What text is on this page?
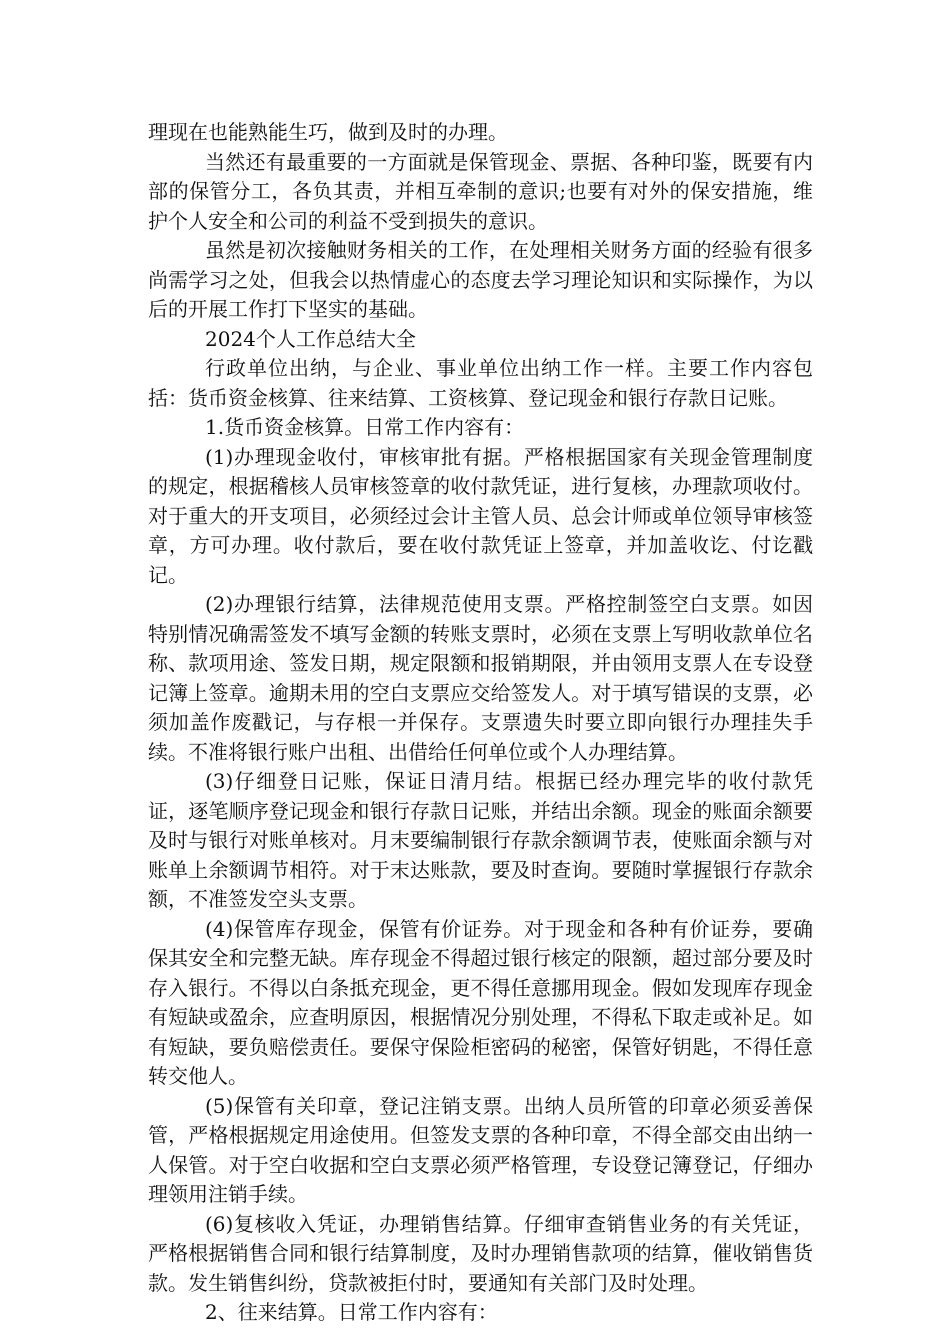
理现在也能熟能生巧，做到及时的办理。

当然还有最重要的一方面就是保管现金、票据、各种印鉴，既要有内部的保管分工，各负其责，并相互牵制的意识;也要有对外的保安措施，维护个人安全和公司的利益不受到损失的意识。

虽然是初次接触财务相关的工作，在处理相关财务方面的经验有很多尚需学习之处，但我会以热情虚心的态度去学习理论知识和实际操作，为以后的开展工作打下坚实的基础。

2024个人工作总结大全

行政单位出纳，与企业、事业单位出纳工作一样。主要工作内容包括：货币资金核算、往来结算、工资核算、登记现金和银行存款日记账。

1.货币资金核算。日常工作内容有：

(1)办理现金收付，审核审批有据。严格根据国家有关现金管理制度的规定，根据稽核人员审核签章的收付款凭证，进行复核，办理款项收付。对于重大的开支项目，必须经过会计主管人员、总会计师或单位领导审核签章，方可办理。收付款后，要在收付款凭证上签章，并加盖收讫、付讫戳记。

(2)办理银行结算，法律规范使用支票。严格控制签空白支票。如因特别情况确需签发不填写金额的转账支票时，必须在支票上写明收款单位名称、款项用途、签发日期，规定限额和报销期限，并由领用支票人在专设登记簿上签章。逾期未用的空白支票应交给签发人。对于填写错误的支票，必须加盖作废戳记，与存根一并保存。支票遗失时要立即向银行办理挂失手续。不准将银行账户出租、出借给任何单位或个人办理结算。

(3)仔细登日记账，保证日清月结。根据已经办理完毕的收付款凭证，逐笔顺序登记现金和银行存款日记账，并结出余额。现金的账面余额要及时与银行对账单核对。月末要编制银行存款余额调节表，使账面余额与对账单上余额调节相符。对于末达账款，要及时查询。要随时掌握银行存款余额，不准签发空头支票。

(4)保管库存现金，保管有价证券。对于现金和各种有价证券，要确保其安全和完整无缺。库存现金不得超过银行核定的限额，超过部分要及时存入银行。不得以白条抵充现金，更不得任意挪用现金。假如发现库存现金有短缺或盈余，应查明原因，根据情况分别处理，不得私下取走或补足。如有短缺，要负赔偿责任。要保守保险柜密码的秘密，保管好钥匙，不得任意转交他人。

(5)保管有关印章，登记注销支票。出纳人员所管的印章必须妥善保管，严格根据规定用途使用。但签发支票的各种印章，不得全部交由出纳一人保管。对于空白收据和空白支票必须严格管理，专设登记簿登记，仔细办理领用注销手续。

(6)复核收入凭证，办理销售结算。仔细审查销售业务的有关凭证，严格根据销售合同和银行结算制度，及时办理销售款项的结算，催收销售货款。发生销售纠纷，贷款被拒付时，要通知有关部门及时处理。

2、往来结算。日常工作内容有：
